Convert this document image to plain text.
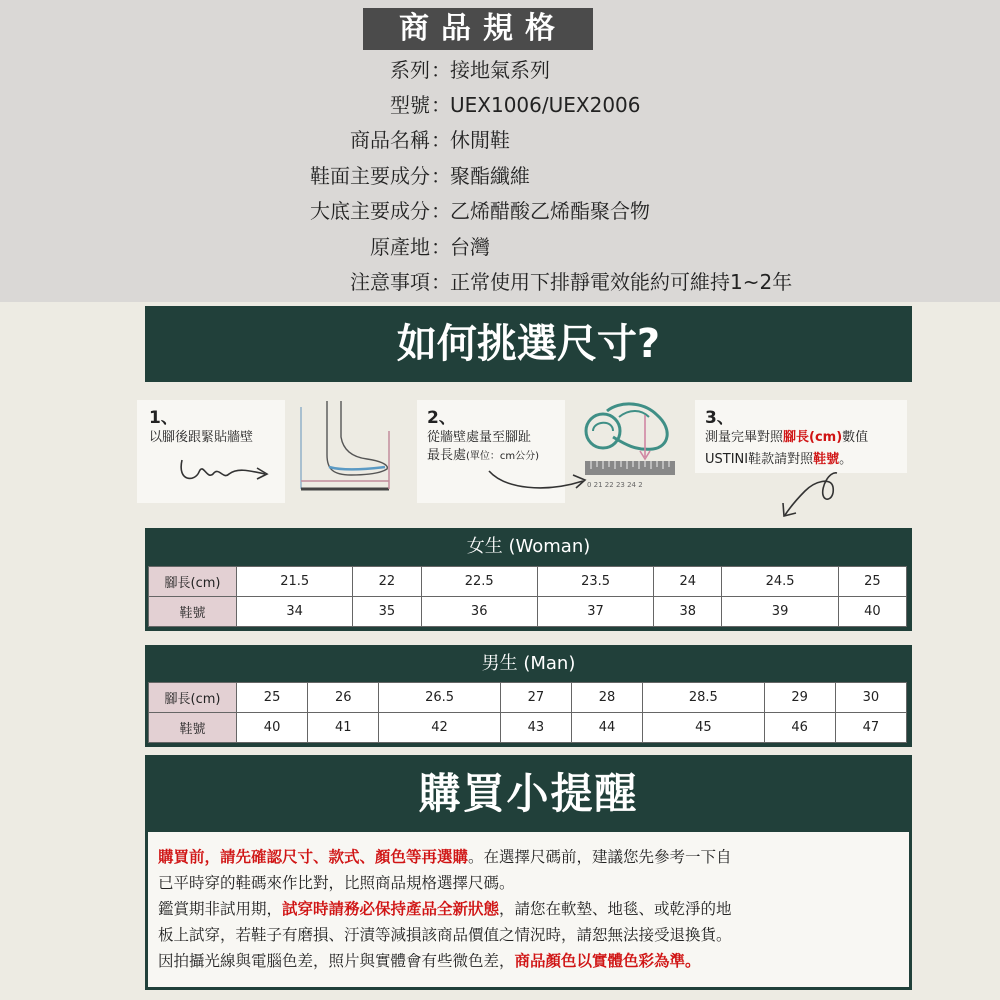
商品規格
系列 ： 接地氣系列
型號 ： UEX1006/UEX2006
商品名稱 ： 休閒鞋
鞋面主要成分 ： 聚酯纖維
大底主要成分 ： 乙烯醋酸乙烯酯聚合物
原產地 ： 台灣
注意事項 ： 正常使用下排靜電效能約可維持1~2年
如何挑選尺寸?
1、
以腳後跟緊貼牆壁
2、
從牆壁處量至腳趾
最長處(單位：cm公分)
0 21 22 23 24 2
3、
測量完畢對照腳長(cm)數值
USTINI鞋款請對照鞋號。
女生 (Woman)
腳長(cm)	21.5	22	22.5	23.5	24	24.5	25
鞋號	34	35	36	37	38	39	40
男生 (Man)
腳長(cm)	25	26	26.5	27	28	28.5	29	30
鞋號	40	41	42	43	44	45	46	47
購買小提醒
購買前，請先確認尺寸、款式、顏色等再選購。在選擇尺碼前，建議您先參考一下自
已平時穿的鞋碼來作比對，比照商品規格選擇尺碼。
鑑賞期非試用期，試穿時請務必保持產品全新狀態，請您在軟墊、地毯、或乾淨的地
板上試穿，若鞋子有磨損、汙漬等減損該商品價值之情況時，請恕無法接受退換貨。
因拍攝光線與電腦色差，照片與實體會有些微色差，商品顏色以實體色彩為準。
